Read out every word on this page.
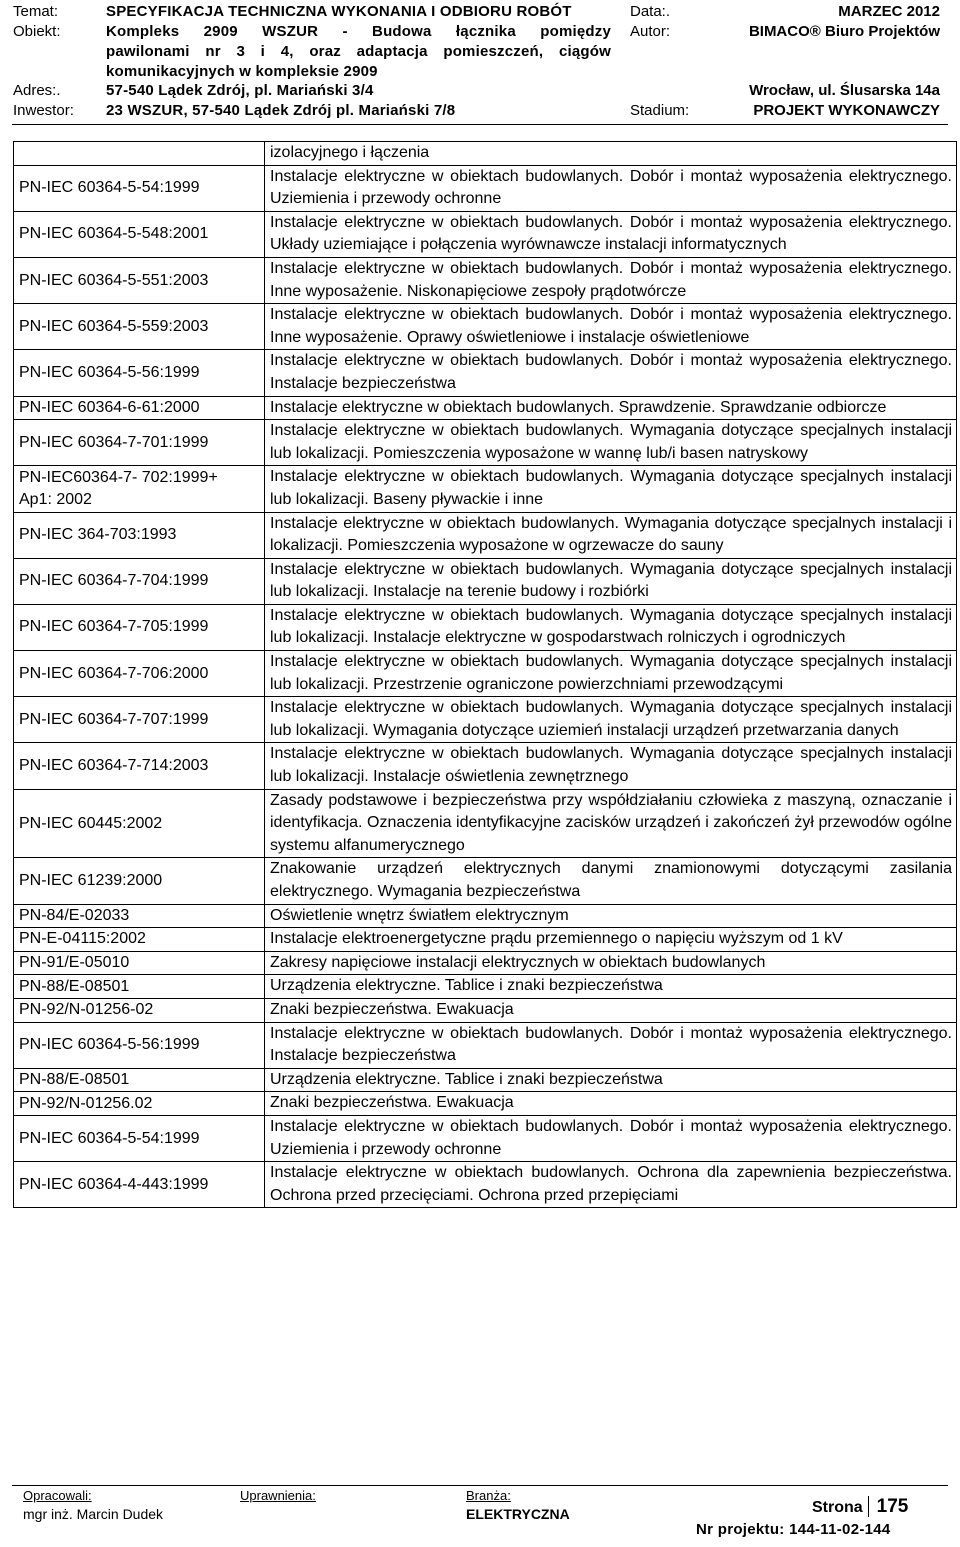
Temat:	SPECYFIKACJA TECHNICZNA WYKONANIA I ODBIORU ROBÓT	Data:.	MARZEC 2012
Obiekt:	Kompleks 2909 WSZUR - Budowa łącznika pomiędzy Autor:	BIMACO® Biuro Projektów
pawilonami nr 3 i 4, oraz adaptacja pomieszczeń, ciągów
komunikacyjnych w kompleksie 2909
Adres:.	57-540 Lądek Zdrój, pl. Mariański 3/4	Wrocław, ul. Ślusarska 14a
Inwestor: 23 WSZUR, 57-540 Lądek Zdrój pl. Mariański 7/8	Stadium:	PROJEKT WYKONAWCZY
	izolacyjnego i łączenia
PN-IEC 60364-5-54:1999	Instalacje elektryczne w obiektach budowlanych. Dobór i montaż wyposażenia elektrycznego. Uziemienia i przewody ochronne
PN-IEC 60364-5-548:2001	Instalacje elektryczne w obiektach budowlanych. Dobór i montaż wyposażenia elektrycznego. Układy uziemiające i połączenia wyrównawcze instalacji informatycznych
PN-IEC 60364-5-551:2003	Instalacje elektryczne w obiektach budowlanych. Dobór i montaż wyposażenia elektrycznego. Inne wyposażenie. Niskonapięciowe zespoły prądotwórcze
PN-IEC 60364-5-559:2003	Instalacje elektryczne w obiektach budowlanych. Dobór i montaż wyposażenia elektrycznego. Inne wyposażenie. Oprawy oświetleniowe i instalacje oświetleniowe
PN-IEC 60364-5-56:1999	Instalacje elektryczne w obiektach budowlanych. Dobór i montaż wyposażenia elektrycznego. Instalacje bezpieczeństwa
PN-IEC 60364-6-61:2000	Instalacje elektryczne w obiektach budowlanych. Sprawdzenie. Sprawdzanie odbiorcze
PN-IEC 60364-7-701:1999	Instalacje elektryczne w obiektach budowlanych. Wymagania dotyczące specjalnych instalacji lub lokalizacji. Pomieszczenia wyposażone w wannę lub/i basen natryskowy
PN-IEC60364-7- 702:1999+
Ap1: 2002	Instalacje elektryczne w obiektach budowlanych. Wymagania dotyczące specjalnych instalacji lub lokalizacji. Baseny pływackie i inne
PN-IEC 364-703:1993	Instalacje elektryczne w obiektach budowlanych. Wymagania dotyczące specjalnych instalacji i lokalizacji. Pomieszczenia wyposażone w ogrzewacze do sauny
PN-IEC 60364-7-704:1999	Instalacje elektryczne w obiektach budowlanych. Wymagania dotyczące specjalnych instalacji lub lokalizacji. Instalacje na terenie budowy i rozbiórki
PN-IEC 60364-7-705:1999	Instalacje elektryczne w obiektach budowlanych. Wymagania dotyczące specjalnych instalacji lub lokalizacji. Instalacje elektryczne w gospodarstwach rolniczych i ogrodniczych
PN-IEC 60364-7-706:2000	Instalacje elektryczne w obiektach budowlanych. Wymagania dotyczące specjalnych instalacji lub lokalizacji. Przestrzenie ograniczone powierzchniami przewodzącymi
PN-IEC 60364-7-707:1999	Instalacje elektryczne w obiektach budowlanych. Wymagania dotyczące specjalnych instalacji lub lokalizacji. Wymagania dotyczące uziemień instalacji urządzeń przetwarzania danych
PN-IEC 60364-7-714:2003	Instalacje elektryczne w obiektach budowlanych. Wymagania dotyczące specjalnych instalacji lub lokalizacji. Instalacje oświetlenia zewnętrznego
PN-IEC 60445:2002	Zasady podstawowe i bezpieczeństwa przy współdziałaniu człowieka z maszyną, oznaczanie i identyfikacja. Oznaczenia identyfikacyjne zacisków urządzeń i zakończeń żył przewodów ogólne systemu alfanumerycznego
PN-IEC 61239:2000	Znakowanie urządzeń elektrycznych danymi znamionowymi dotyczącymi zasilania elektrycznego. Wymagania bezpieczeństwa
PN-84/E-02033	Oświetlenie wnętrz światłem elektrycznym
PN-E-04115:2002	Instalacje elektroenergetyczne prądu przemiennego o napięciu wyższym od 1 kV
PN-91/E-05010	Zakresy napięciowe instalacji elektrycznych w obiektach budowlanych
PN-88/E-08501	Urządzenia elektryczne. Tablice i znaki bezpieczeństwa
PN-92/N-01256-02	Znaki bezpieczeństwa. Ewakuacja
PN-IEC 60364-5-56:1999	Instalacje elektryczne w obiektach budowlanych. Dobór i montaż wyposażenia elektrycznego. Instalacje bezpieczeństwa
PN-88/E-08501	Urządzenia elektryczne. Tablice i znaki bezpieczeństwa
PN-92/N-01256.02	Znaki bezpieczeństwa. Ewakuacja
PN-IEC 60364-5-54:1999	Instalacje elektryczne w obiektach budowlanych. Dobór i montaż wyposażenia elektrycznego. Uziemienia i przewody ochronne
PN-IEC 60364-4-443:1999	Instalacje elektryczne w obiektach budowlanych. Ochrona dla zapewnienia bezpieczeństwa. Ochrona przed przecięciami. Ochrona przed przepięciami
Opracowali:
mgr inż. Marcin Dudek
Uprawnienia:	Branża:
ELEKTRYCZNA	Strona 175
Nr projektu: 144-11-02-144
